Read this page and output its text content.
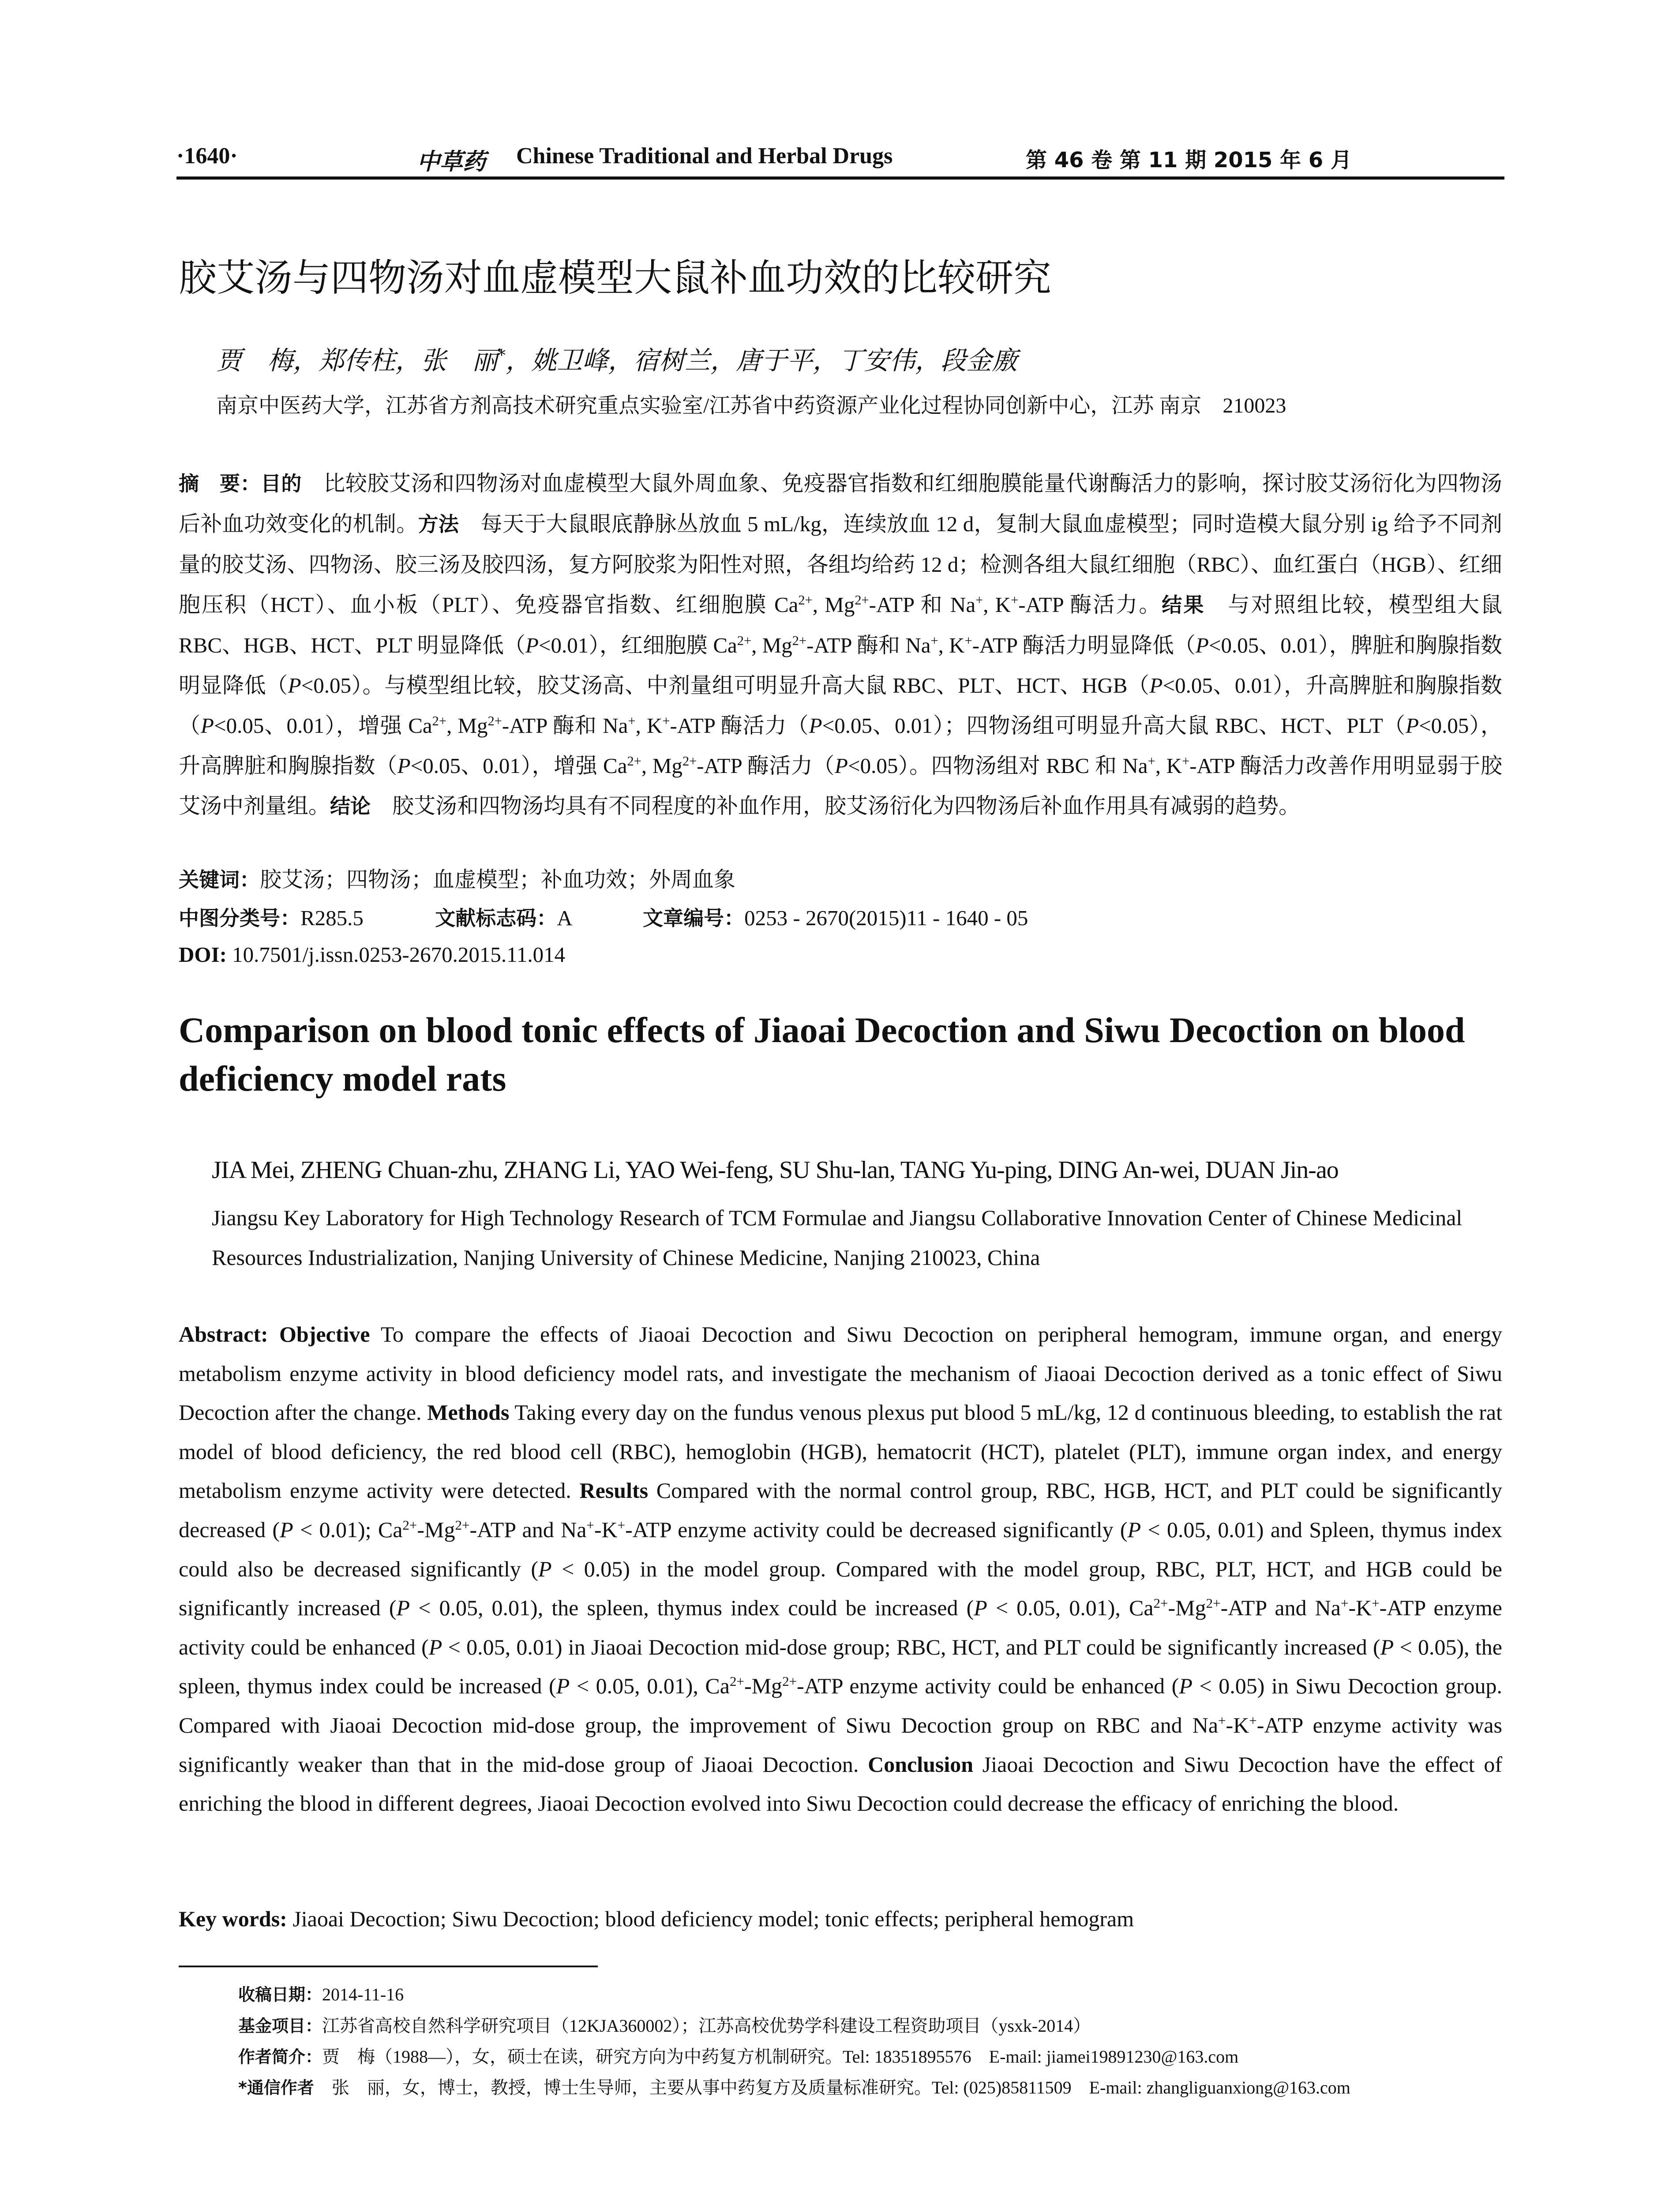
·1640·	中草药 Chinese Traditional and Herbal Drugs	第 46 卷 第 11 期 2015 年 6 月
胶艾汤与四物汤对血虚模型大鼠补血功效的比较研究
贾　梅，郑传柱，张　丽*，姚卫峰，宿树兰，唐于平，丁安伟，段金廒
南京中医药大学，江苏省方剂高技术研究重点实验室/江苏省中药资源产业化过程协同创新中心，江苏 南京　210023
摘　要：目的　比较胶艾汤和四物汤对血虚模型大鼠外周血象、免疫器官指数和红细胞膜能量代谢酶活力的影响，探讨胶艾汤衍化为四物汤后补血功效变化的机制。方法　每天于大鼠眼底静脉丛放血 5 mL/kg，连续放血 12 d，复制大鼠血虚模型；同时造模大鼠分别 ig 给予不同剂量的胶艾汤、四物汤、胶三汤及胶四汤，复方阿胶浆为阳性对照，各组均给药 12 d；检测各组大鼠红细胞（RBC）、血红蛋白（HGB）、红细胞压积（HCT）、血小板（PLT）、免疫器官指数、红细胞膜 $Ca^{2+}$, $Mg^{2+}$-ATP 和 Na+, K+-ATP 酶活力。结果　与对照组比较，模型组大鼠 RBC、HGB、HCT、PLT 明显降低（P<0.01），红细胞膜 $Ca^{2+}$, $Mg^{2+}$-ATP 酶和 Na+, K+-ATP 酶活力明显降低（P<0.05、0.01），脾脏和胸腺指数明显降低（P<0.05）。与模型组比较，胶艾汤高、中剂量组可明显升高大鼠 RBC、PLT、HCT、HGB（P<0.05、0.01），升高脾脏和胸腺指数（P<0.05、0.01），增强 $Ca^{2+}$, $Mg^{2+}$-ATP 酶和 Na+, K+-ATP 酶活力（P<0.05、0.01）；四物汤组可明显升高大鼠 RBC、HCT、PLT（P<0.05），升高脾脏和胸腺指数（P<0.05、0.01），增强 $Ca^{2+}$, $Mg^{2+}$-ATP 酶活力（P<0.05）。四物汤组对 RBC 和 Na+, K+-ATP 酶活力改善作用明显弱于胶艾汤中剂量组。结论　胶艾汤和四物汤均具有不同程度的补血作用，胶艾汤衍化为四物汤后补血作用具有减弱的趋势。
关键词：胶艾汤；四物汤；血虚模型；补血功效；外周血象
中图分类号：R285.5	文献标志码：A	文章编号：0253 - 2670(2015)11 - 1640 - 05
DOI: 10.7501/j.issn.0253-2670.2015.11.014
Comparison on blood tonic effects of Jiaoai Decoction and Siwu Decoction on blood deficiency model rats
JIA Mei, ZHENG Chuan-zhu, ZHANG Li, YAO Wei-feng, SU Shu-lan, TANG Yu-ping, DING An-wei, DUAN Jin-ao
Jiangsu Key Laboratory for High Technology Research of TCM Formulae and Jiangsu Collaborative Innovation Center of Chinese Medicinal Resources Industrialization, Nanjing University of Chinese Medicine, Nanjing 210023, China
Abstract: Objective To compare the effects of Jiaoai Decoction and Siwu Decoction on peripheral hemogram, immune organ, and energy metabolism enzyme activity in blood deficiency model rats, and investigate the mechanism of Jiaoai Decoction derived as a tonic effect of Siwu Decoction after the change. Methods Taking every day on the fundus venous plexus put blood 5 mL/kg, 12 d continuous bleeding, to establish the rat model of blood deficiency, the red blood cell (RBC), hemoglobin (HGB), hematocrit (HCT), platelet (PLT), immune organ index, and energy metabolism enzyme activity were detected. Results Compared with the normal control group, RBC, HGB, HCT, and PLT could be significantly decreased (P < 0.01); $Ca^{2+}-Mg^{2+}$-ATP and Na+-K+-ATP enzyme activity could be decreased significantly (P < 0.05, 0.01) and Spleen, thymus index could also be decreased significantly (P < 0.05) in the model group. Compared with the model group, RBC, PLT, HCT, and HGB could be significantly increased (P < 0.05, 0.01), the spleen, thymus index could be increased (P < 0.05, 0.01), $Ca^{2+}-Mg^{2+}$-ATP and Na+-K+-ATP enzyme activity could be enhanced (P < 0.05, 0.01) in Jiaoai Decoction mid-dose group; RBC, HCT, and PLT could be significantly increased (P < 0.05), the spleen, thymus index could be increased (P < 0.05, 0.01), $Ca^{2+}-Mg^{2+}$-ATP enzyme activity could be enhanced (P < 0.05) in Siwu Decoction group. Compared with Jiaoai Decoction mid-dose group, the improvement of Siwu Decoction group on RBC and Na+-K+-ATP enzyme activity was significantly weaker than that in the mid-dose group of Jiaoai Decoction. Conclusion Jiaoai Decoction and Siwu Decoction have the effect of enriching the blood in different degrees, Jiaoai Decoction evolved into Siwu Decoction could decrease the efficacy of enriching the blood.
Key words: Jiaoai Decoction; Siwu Decoction; blood deficiency model; tonic effects; peripheral hemogram
收稿日期：2014-11-16
基金项目：江苏省高校自然科学研究项目（12KJA360002）；江苏高校优势学科建设工程资助项目（ysxk-2014）
作者简介：贾　梅（1988—），女，硕士在读，研究方向为中药复方机制研究。Tel: 18351895576　E-mail: jiamei19891230@163.com
*通信作者　张　丽，女，博士，教授，博士生导师，主要从事中药复方及质量标准研究。Tel: (025)85811509　E-mail: zhangliguanxiong@163.com
